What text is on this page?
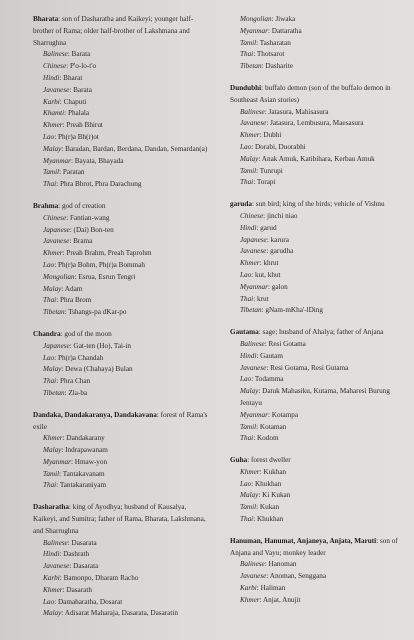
Bharata: son of Dasharatha and Kaikeyi; younger half-brother of Rama; older half-brother of Lakshmana and Sharrughna
Balinese: Barata
Chinese: P'o-lo-t'o
Hindi: Bharat
Javanese: Barata
Karbi: Chaputi
Khamti: Phalala
Khmer: Preah Bhirut
Lao: Ph(r)a Bh(r)ot
Malay: Baradan, Bardan, Berdana, Dandan, Semardan(a)
Myanmar: Bayata, Bhayada
Tamil: Paratan
Thai: Phra Bhrot, Phra Darachung
Brahma: god of creation
Chinese: Fantian-wang
Japanese: (Dai) Bon-ten
Javanese: Brama
Khmer: Preah Brahm, Preah Taprohm
Lao: Ph(r)a Bohm, Ph(r)a Bommah
Mongolian: Esrua, Esrun Tengri
Malay: Adam
Thai: Phra Brom
Tibetan: Tshangs-pa dKar-po
Chandra: god of the moon
Japanese: Gat-ten (Ho), Tai-in
Lao: Ph(r)a Chandah
Malay: Dewa (Chahaya) Bulan
Thai: Phra Chan
Tibetan: Zla-ba
Dandaka, Dandakaranya, Dandakavana: forest of Rama's exile
Khmer: Dandakarany
Malay: Indrapawanam
Myanmar: Hmaw-yon
Tamil: Tantakavanam
Thai: Tantakaraniyam
Dasharatha: king of Ayodhya; husband of Kausalya, Kaikeyi, and Sumitra; father of Rama, Bharata, Lakshmana, and Sharrughna
Balinese: Dasarata
Hindi: Dashrath
Javanese: Dasarata
Karbi: Bamonpo, Dharam Racho
Khmer: Dasarath
Lao: Damaharatha, Dosarat
Malay: Adisarat Maharaja, Dasarata, Dasaratin
Mongolian: Jiwaka
Myanmar: Dattaratha
Tamil: Tasharatan
Thai: Thotsarot
Tibetan: Dasharite
Dundubhi: buffalo demon (son of the buffalo demon in Southeast Asian stories)
Balinese: Jatasura, Mahisasura
Javanese: Jatasura, Lembusura, Maesasura
Khmer: Dubhi
Lao: Dorabi, Duorabhi
Malay: Anak Amuk, Katibihara, Kerbau Amuk
Tamil: Tunrupi
Thai: Torapi
garuda: sun bird; king of the birds; vehicle of Vishnu
Chinese: jinchi niao
Hindi: garud
Japanese: karura
Javanese: garudha
Khmer: khrut
Lao: kut, khut
Myanmar: galon
Thai: krut
Tibetan: gNam-mKha'-lDing
Gautama: sage; husband of Ahalya; father of Anjana
Balinese: Resi Gotama
Hindi: Gautam
Javanese: Resi Gotama, Resi Gutama
Lao: Todamma
Malay: Datuk Mahasiku, Kutama, Maharesi Burung Jentayu
Myanmar: Kotampa
Tamil: Kotaman
Thai: Kodom
Guha: forest dweller
Khmer: Kukhan
Lao: Khukhan
Malay: Ki Kukan
Tamil: Kukan
Thai: Khukhan
Hanuman, Hanumat, Anjaneya, Anjata, Maruti: son of Anjana and Vayu; monkey leader
Balinese: Hanoman
Javanese: Anoman, Senggana
Karbi: Haliman
Khmer: Anjat, Anujit
